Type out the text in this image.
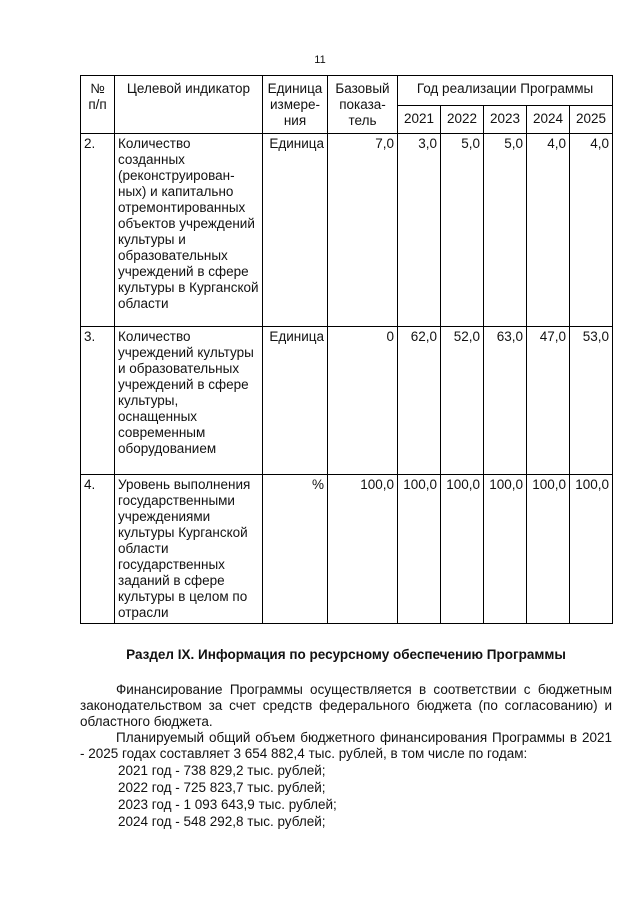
11
№ п/п	Целевой индикатор	Единица измере-ния	Базовый показа-тель	Год реализации Программы				
				2021	2022	2023	2024	2025
2.	Количество созданных (реконструирован-ных) и капитально отремонтированных объектов учреждений культуры и образовательных учреждений в сфере культуры в Курганской области	Единица	7,0	3,0	5,0	5,0	4,0	4,0
3.	Количество учреждений культуры и образовательных учреждений в сфере культуры, оснащенных современным оборудованием	Единица	0	62,0	52,0	63,0	47,0	53,0
4.	Уровень выполнения государственными учреждениями культуры Курганской области государственных заданий в сфере культуры в целом по отрасли	%	100,0	100,0	100,0	100,0	100,0	100,0
Раздел IX. Информация по ресурсному обеспечению Программы
Финансирование Программы осуществляется в соответствии с бюджетным законодательством за счет средств федерального бюджета (по согласованию) и областного бюджета.
Планируемый общий объем бюджетного финансирования Программы в 2021 - 2025 годах составляет 3 654 882,4 тыс. рублей, в том числе по годам:
2021 год - 738 829,2 тыс. рублей;
2022 год - 725 823,7 тыс. рублей;
2023 год - 1 093 643,9 тыс. рублей;
2024 год - 548 292,8 тыс. рублей;
